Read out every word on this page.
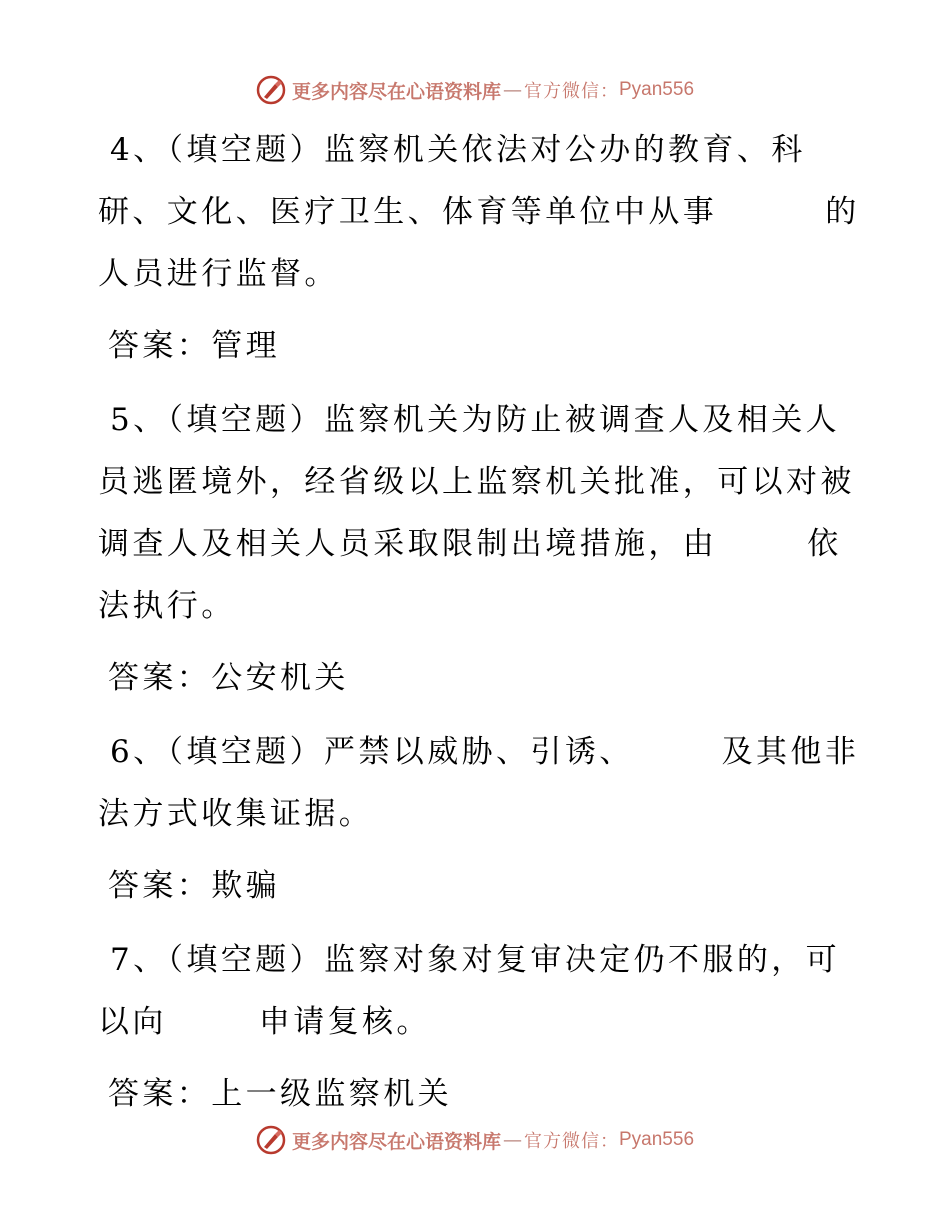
更多内容尽在心语资料库 — 官方微信： Pyan556
4、（填空题）监察机关依法对公办的教育、科
研、文化、医疗卫生、体育等单位中从事	的
人员进行监督。
答案：管理
5、（填空题）监察机关为防止被调查人及相关人
员逃匿境外，经省级以上监察机关批准，可以对被
调查人及相关人员采取限制出境措施，由	依
法执行。
答案：公安机关
6、（填空题）严禁以威胁、引诱、	及其他非
法方式收集证据。
答案：欺骗
7、（填空题）监察对象对复审决定仍不服的，可
以向	申请复核。
答案：上一级监察机关
更多内容尽在心语资料库 — 官方微信： Pyan556
